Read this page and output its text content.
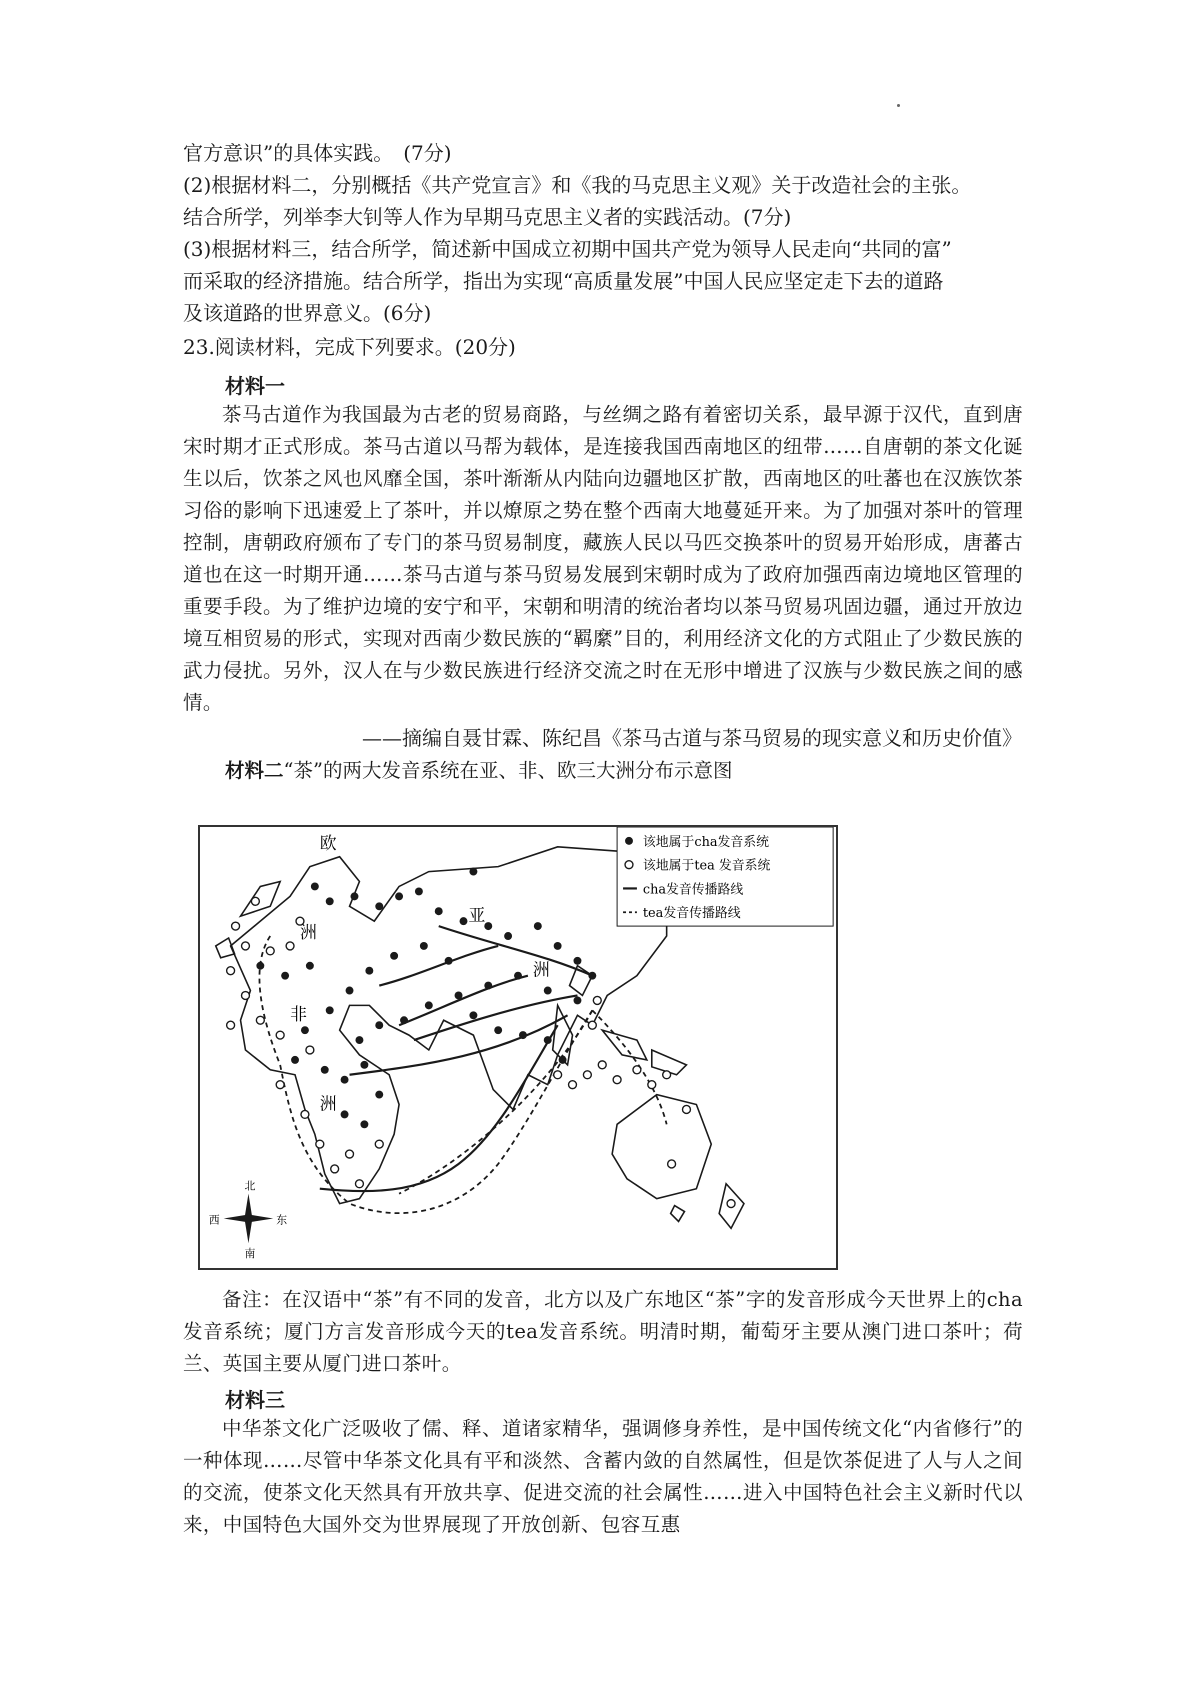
官方意识”的具体实践。　(7分)
(2)根据材料二，分别概括《共产党宣言》和《我的马克思主义观》关于改造社会的主张。
结合所学，列举李大钊等人作为早期马克思主义者的实践活动。(7分)
(3)根据材料三，结合所学，简述新中国成立初期中国共产党为领导人民走向“共同的富”
而采取的经济措施。结合所学，指出为实现“高质量发展”中国人民应坚定走下去的道路
及该道路的世界意义。(6分)
23.阅读材料，完成下列要求。(20分)
材料一
茶马古道作为我国最为古老的贸易商路，与丝绸之路有着密切关系，最早源于汉代，直到唐宋时期才正式形成。茶马古道以马帮为载体，是连接我国西南地区的纽带……自唐朝的茶文化诞生以后，饮茶之风也风靡全国，茶叶渐渐从内陆向边疆地区扩散，西南地区的吐蕃也在汉族饮茶习俗的影响下迅速爱上了茶叶，并以燎原之势在整个西南大地蔓延开来。为了加强对茶叶的管理控制，唐朝政府颁布了专门的茶马贸易制度，藏族人民以马匹交换茶叶的贸易开始形成，唐蕃古道也在这一时期开通……茶马古道与茶马贸易发展到宋朝时成为了政府加强西南边境地区管理的重要手段。为了维护边境的安宁和平，宋朝和明清的统治者均以茶马贸易巩固边疆，通过开放边境互相贸易的形式，实现对西南少数民族的“羁縻”目的，利用经济文化的方式阻止了少数民族的武力侵扰。另外，汉人在与少数民族进行经济交流之时在无形中增进了汉族与少数民族之间的感情。
——摘编自聂甘霖、陈纪昌《茶马古道与茶马贸易的现实意义和历史价值》
材料二“茶”的两大发音系统在亚、非、欧三大洲分布示意图
欧
洲
亚
洲
非
洲
该地属于cha发音系统
该地属于tea 发音系统
cha发音传播路线
tea发音传播路线
北
南
东
西
备注：在汉语中“茶”有不同的发音，北方以及广东地区“茶”字的发音形成今天世界上的cha发音系统；厦门方言发音形成今天的tea发音系统。明清时期，葡萄牙主要从澳门进口茶叶；荷兰、英国主要从厦门进口茶叶。
材料三
中华茶文化广泛吸收了儒、释、道诸家精华，强调修身养性，是中国传统文化“内省修行”的一种体现……尽管中华茶文化具有平和淡然、含蓄内敛的自然属性，但是饮茶促进了人与人之间的交流，使茶文化天然具有开放共享、促进交流的社会属性……进入中国特色社会主义新时代以来，中国特色大国外交为世界展现了开放创新、包容互惠
